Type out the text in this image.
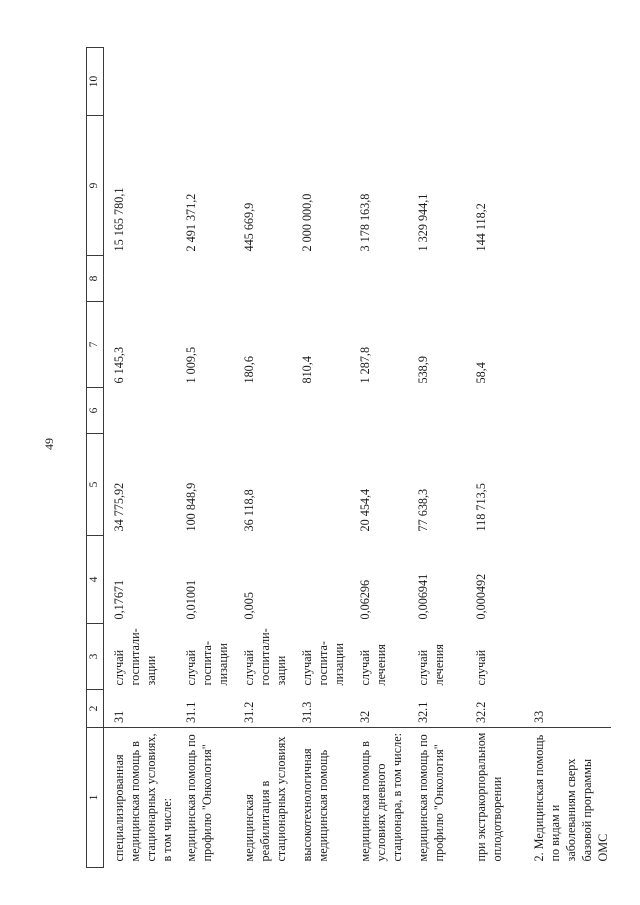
49
1	2	3	4	5	6	7	8	9	10
специализированная медицинская помощь в стационарных условиях, в том числе:	31	случай госпитали-зации	0,17671	34 775,92		6 145,3		15 165 780,1	
медицинская помощь по профилю "Онкология"	31.1	случай госпита-лизации	0,01001	100 848,9		1 009,5		2 491 371,2	
медицинская реабилитация в стационарных условиях	31.2	случай госпитали-зации	0,005	36 118,8		180,6		445 669,9	
высокотехнологичная медицинская помощь	31.3	случай госпита-лизации				810,4		2 000 000,0	
медицинская помощь в условиях дневного стационара, в том числе:	32	случай лечения	0,06296	20 454,4		1 287,8		3 178 163,8	
медицинская помощь по профилю "Онкология"	32.1	случай лечения	0,006941	77 638,3		538,9		1 329 944,1	
при экстракорпоральном оплодотворении	32.2	случай	0,000492	118 713,5		58,4		144 118,2	
2. Медицинская помощь по видам и заболеваниям сверх базовой программы ОМС	33								
